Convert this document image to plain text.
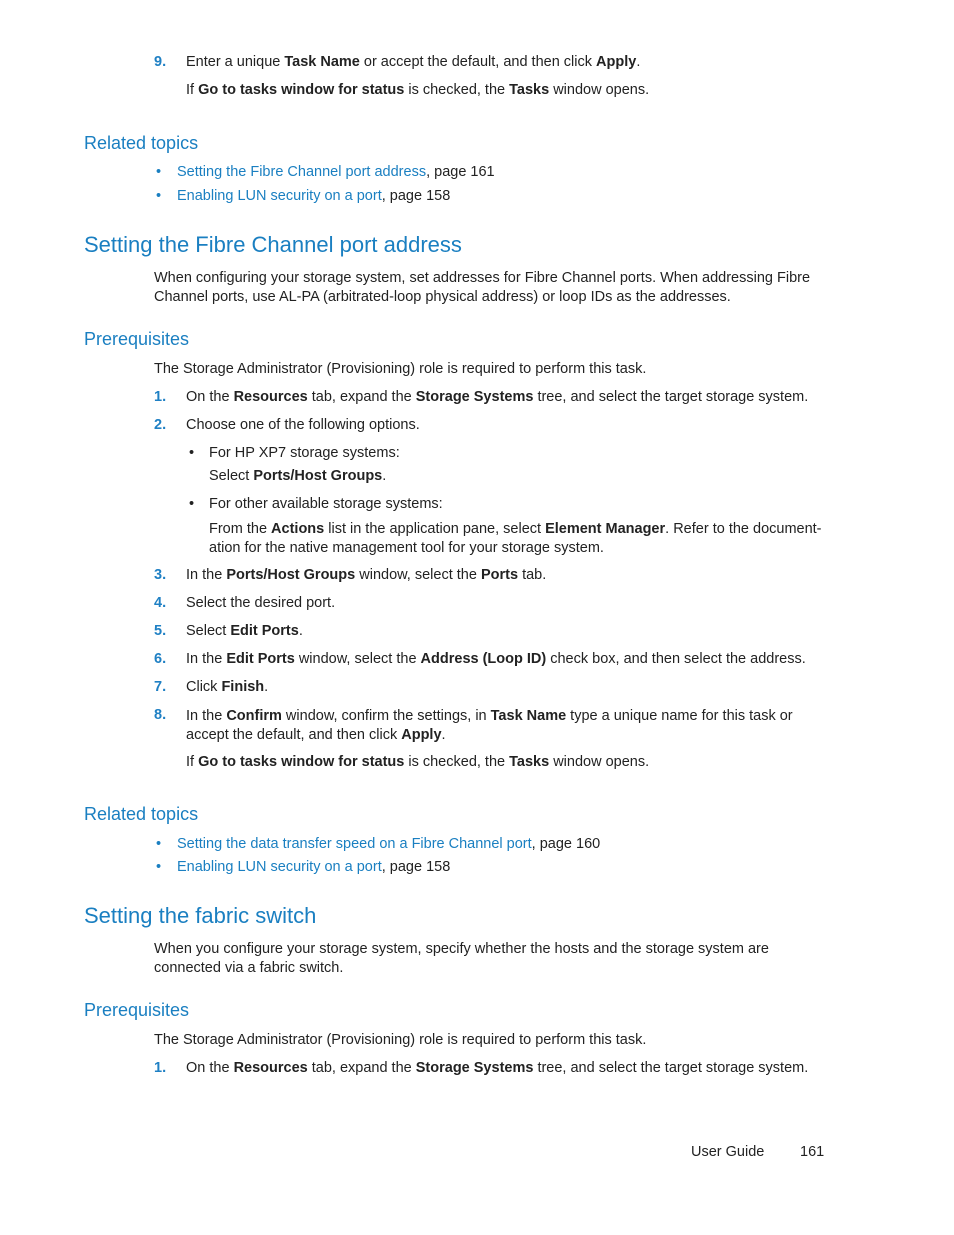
9. Enter a unique Task Name or accept the default, and then click Apply.
If Go to tasks window for status is checked, the Tasks window opens.
Related topics
• Setting the Fibre Channel port address, page 161
• Enabling LUN security on a port, page 158
Setting the Fibre Channel port address
When configuring your storage system, set addresses for Fibre Channel ports. When addressing Fibre
Channel ports, use AL-PA (arbitrated-loop physical address) or loop IDs as the addresses.
Prerequisites
The Storage Administrator (Provisioning) role is required to perform this task.
1. On the Resources tab, expand the Storage Systems tree, and select the target storage system.
2. Choose one of the following options.
• For HP XP7 storage systems:
Select Ports/Host Groups.
• For other available storage systems:
From the Actions list in the application pane, select Element Manager. Refer to the document-
ation for the native management tool for your storage system.
3. In the Ports/Host Groups window, select the Ports tab.
4. Select the desired port.
5. Select Edit Ports.
6. In the Edit Ports window, select the Address (Loop ID) check box, and then select the address.
7. Click Finish.
8. In the Confirm window, confirm the settings, in Task Name type a unique name for this task or
accept the default, and then click Apply.
If Go to tasks window for status is checked, the Tasks window opens.
Related topics
• Setting the data transfer speed on a Fibre Channel port, page 160
• Enabling LUN security on a port, page 158
Setting the fabric switch
When you configure your storage system, specify whether the hosts and the storage system are
connected via a fabric switch.
Prerequisites
The Storage Administrator (Provisioning) role is required to perform this task.
1. On the Resources tab, expand the Storage Systems tree, and select the target storage system.
User Guide 161
